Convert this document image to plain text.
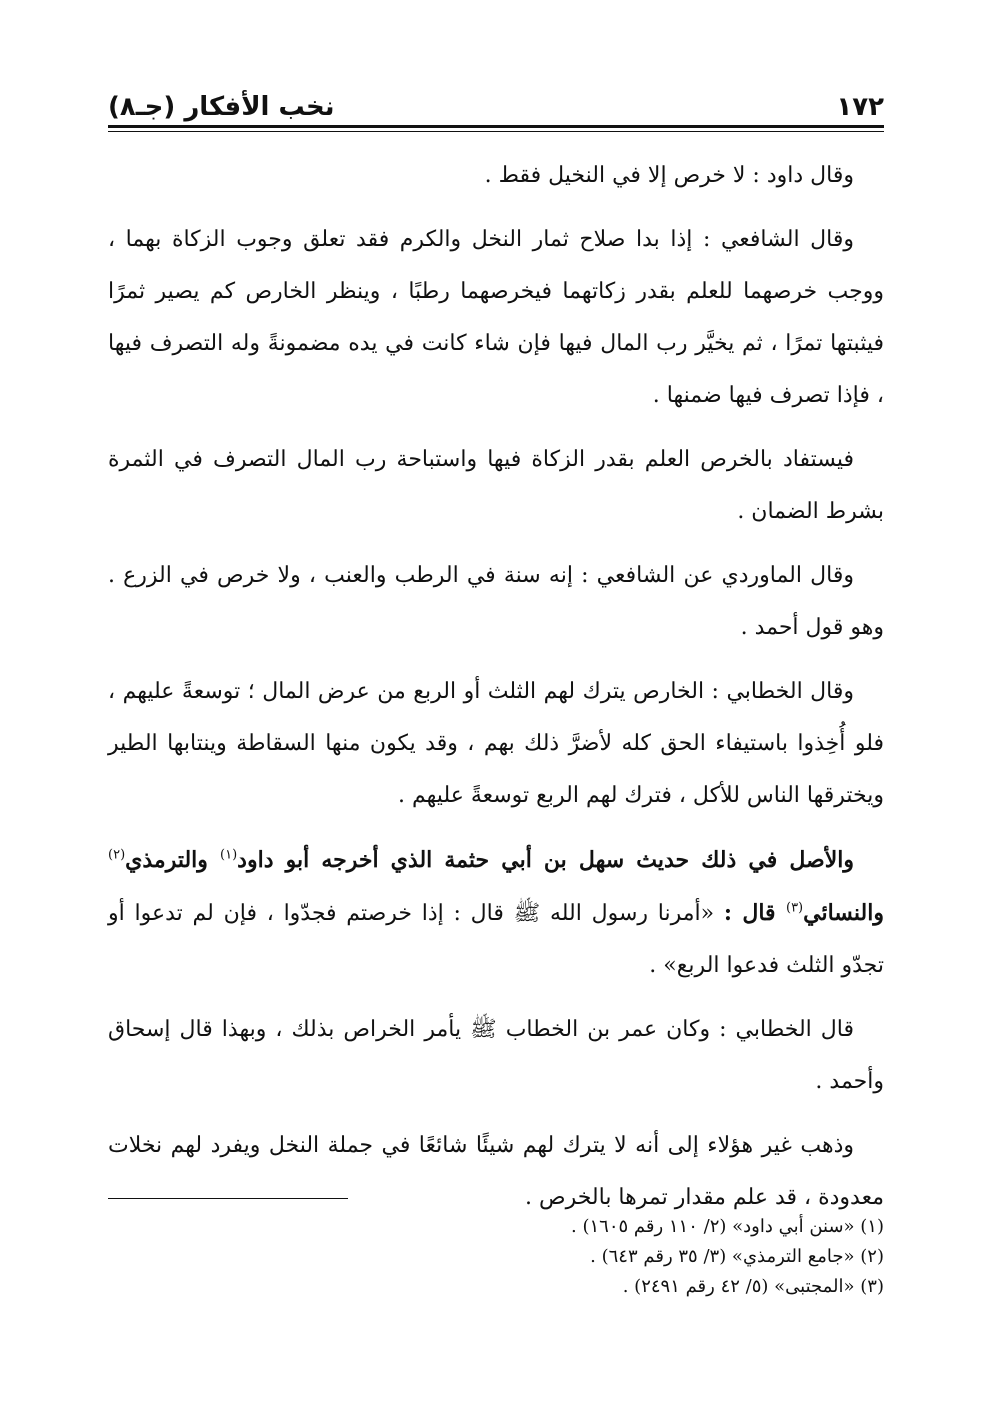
١٧٢
نخب الأفكار (جـ٨)

وقال داود : لا خرص إلا في النخيل فقط .

وقال الشافعي : إذا بدا صلاح ثمار النخل والكرم فقد تعلق وجوب الزكاة بهما ، ووجب خرصهما للعلم بقدر زكاتهما فيخرصهما رطبًا ، وينظر الخارص كم يصير ثمرًا فيثبتها تمرًا ، ثم يخيَّر رب المال فيها فإن شاء كانت في يده مضمونةً وله التصرف فيها ، فإذا تصرف فيها ضمنها .

فيستفاد بالخرص العلم بقدر الزكاة فيها واستباحة رب المال التصرف في الثمرة بشرط الضمان .

وقال الماوردي عن الشافعي : إنه سنة في الرطب والعنب ، ولا خرص في الزرع . وهو قول أحمد .

وقال الخطابي : الخارص يترك لهم الثلث أو الربع من عرض المال ؛ توسعةً عليهم ، فلو أُخِذوا باستيفاء الحق كله لأضرَّ ذلك بهم ، وقد يكون منها السقاطة وينتابها الطير ويخترقها الناس للأكل ، فترك لهم الربع توسعةً عليهم .

والأصل في ذلك حديث سهل بن أبي حثمة الذي أخرجه أبو داود$^{(١)}$ والترمذي$^{(٢)}$ والنسائي$^{(٣)}$ قال : «أمرنا رسول الله ﷺ قال : إذا خرصتم فجدّوا ، فإن لم تدعوا أو تجدّو الثلث فدعوا الربع» .

قال الخطابي : وكان عمر بن الخطاب ﷺ يأمر الخراص بذلك ، وبهذا قال إسحاق وأحمد .

وذهب غير هؤلاء إلى أنه لا يترك لهم شيئًا شائعًا في جملة النخل ويفرد لهم نخلات معدودة ، قد علم مقدار تمرها بالخرص .

(١) «سنن أبي داود» (٢/ ١١٠ رقم ١٦٠٥) .

(٢) «جامع الترمذي» (٣/ ٣٥ رقم ٦٤٣) .

(٣) «المجتبى» (٥/ ٤٢ رقم ٢٤٩١) .
